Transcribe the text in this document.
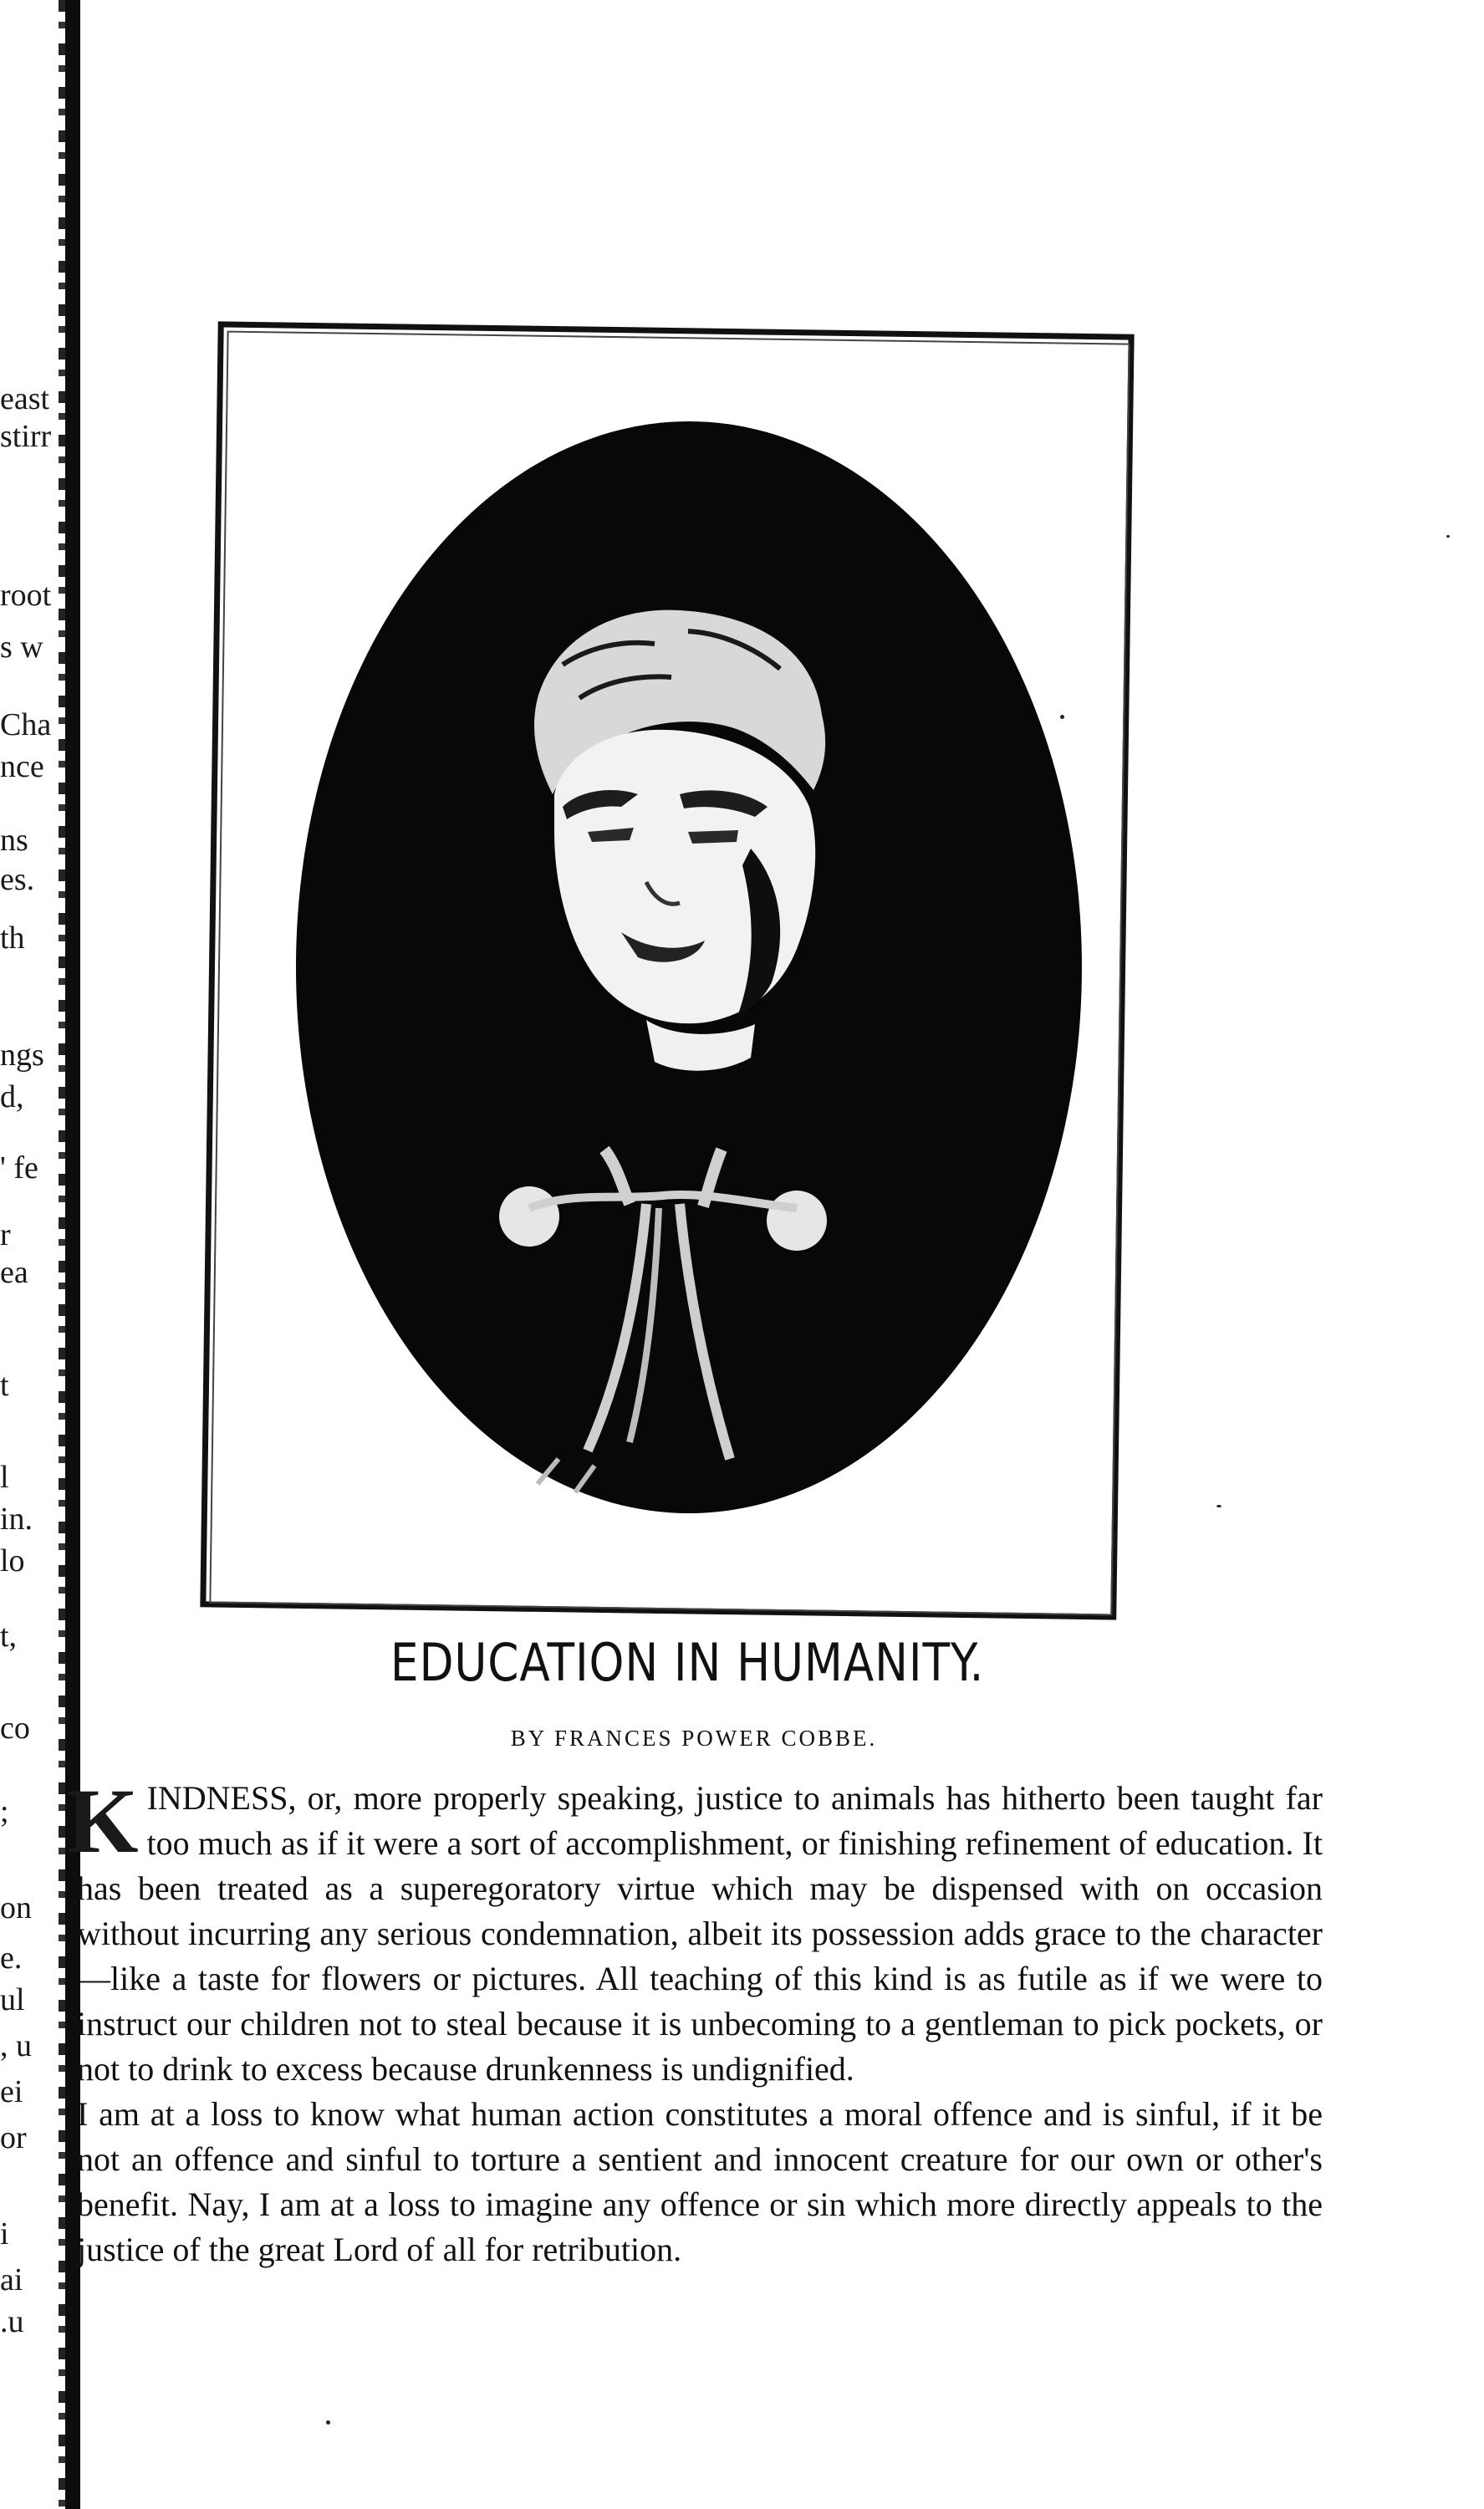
east
stirr
root
s w
Cha
nce
ns
es.
th
ngs
d,
' fe
r
ea
t
l
in.
lo
t,
co
;
on
e.
ul
, u
ei
or
i
ai
.u
EDUCATION IN HUMANITY.

BY FRANCES POWER COBBE.

KINDNESS, or, more properly speaking, justice to animals has hitherto been taught far too much as if it were a sort of accomplishment, or finishing refinement of education. It has been treated as a superegoratory virtue which may be dispensed with on occasion without incurring any serious condemnation, albeit its possession adds grace to the character—like a taste for flowers or pictures. All teaching of this kind is as futile as if we were to instruct our children not to steal because it is unbecoming to a gentleman to pick pockets, or not to drink to excess because drunkenness is undignified.

I am at a loss to know what human action constitutes a moral offence and is sinful, if it be not an offence and sinful to torture a sentient and innocent creature for our own or other's benefit. Nay, I am at a loss to imagine any offence or sin which more directly appeals to the justice of the great Lord of all for retribution.
